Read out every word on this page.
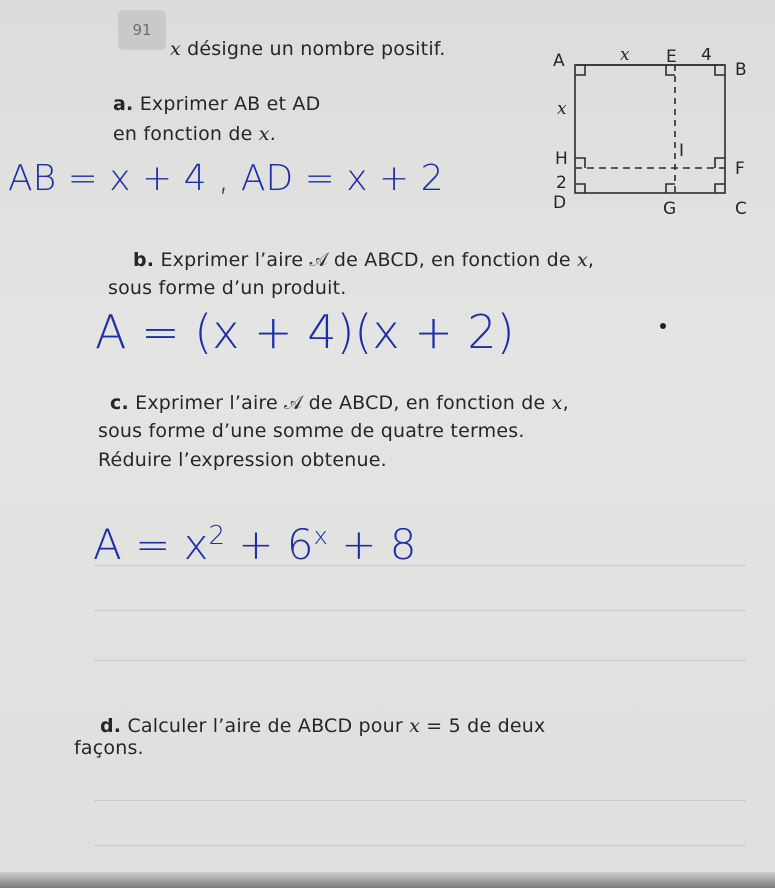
91
x désigne un nombre positif.
A	B
C
D
E
F
G
H	I
x	4
x
2
a. Exprimer AB et AD
en fonction de x.
AB = x + 4 , AD = x + 2
b. Exprimer l’aire 𝒜 de ABCD, en fonction de x,
sous forme d’un produit.
A = (x + 4)(x + 2)
c. Exprimer l’aire 𝒜 de ABCD, en fonction de x,
sous forme d’une somme de quatre termes.
Réduire l’expression obtenue.
$A = x^2 + 6^x + 8$
d. Calculer l’aire de ABCD pour x = 5 de deux
façons.
